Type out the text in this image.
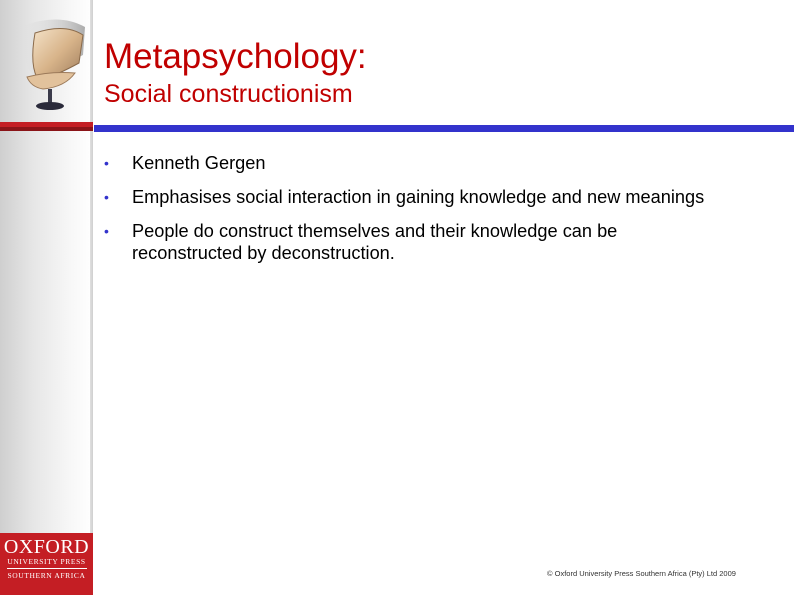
Metapsychology:
Social constructionism
• Kenneth Gergen
• Emphasises social interaction in gaining knowledge and new meanings
• People do construct themselves and their knowledge can be reconstructed by deconstruction.
OXFORD
UNIVERSITY PRESS
SOUTHERN AFRICA	© Oxford University Press Southern Africa (Pty) Ltd 2009
